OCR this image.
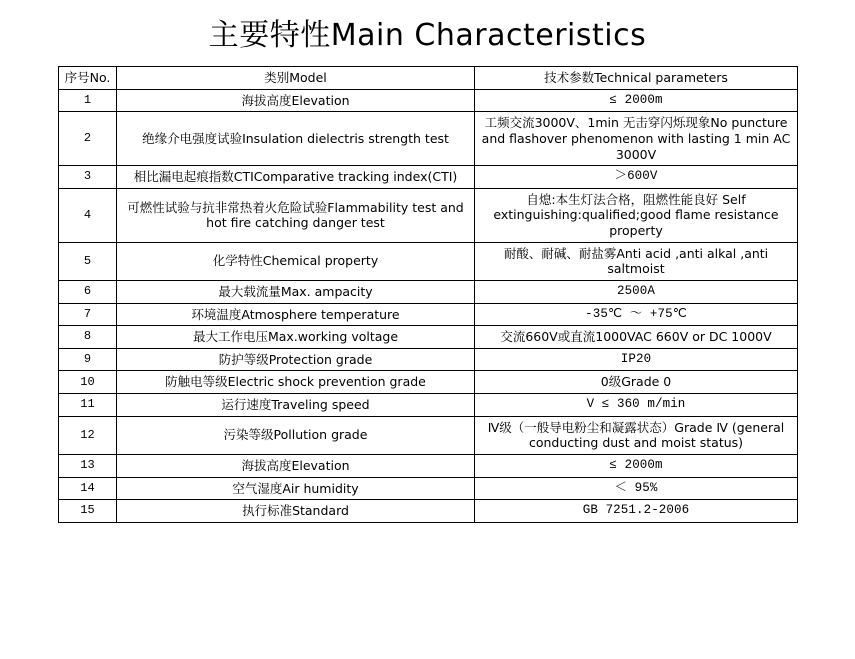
主要特性Main Characteristics
序号No.	类别Model	技术参数Technical parameters
1	海拔高度Elevation	≤ 2000m
2	绝缘介电强度试验Insulation dielectris strength test	工频交流3000V、1min 无击穿闪烁现象No puncture and flashover phenomenon with lasting 1 min AC 3000V
3	相比漏电起痕指数CTIComparative tracking index(CTI)	＞600V
4	可燃性试验与抗非常热着火危险试验Flammability test and hot fire catching danger test	自熄:本生灯法合格，阻燃性能良好 Self extinguishing:qualified;good flame resistance property
5	化学特性Chemical property	耐酸、耐碱、耐盐雾Anti acid ,anti alkal ,anti saltmoist
6	最大载流量Max. ampacity	2500A
7	环境温度Atmosphere temperature	-35℃ ～ +75℃
8	最大工作电压Max.working voltage	交流660V或直流1000VAC 660V or DC 1000V
9	防护等级Protection grade	IP20
10	防触电等级Electric shock prevention grade	0级Grade 0
11	运行速度Traveling speed	V ≤ 360 m/min
12	污染等级Pollution grade	Ⅳ级（一般导电粉尘和凝露状态）Grade Ⅳ (general conducting dust and moist status)
13	海拔高度Elevation	≤ 2000m
14	空气湿度Air humidity	＜ 95%
15	执行标准Standard	GB 7251.2-2006
